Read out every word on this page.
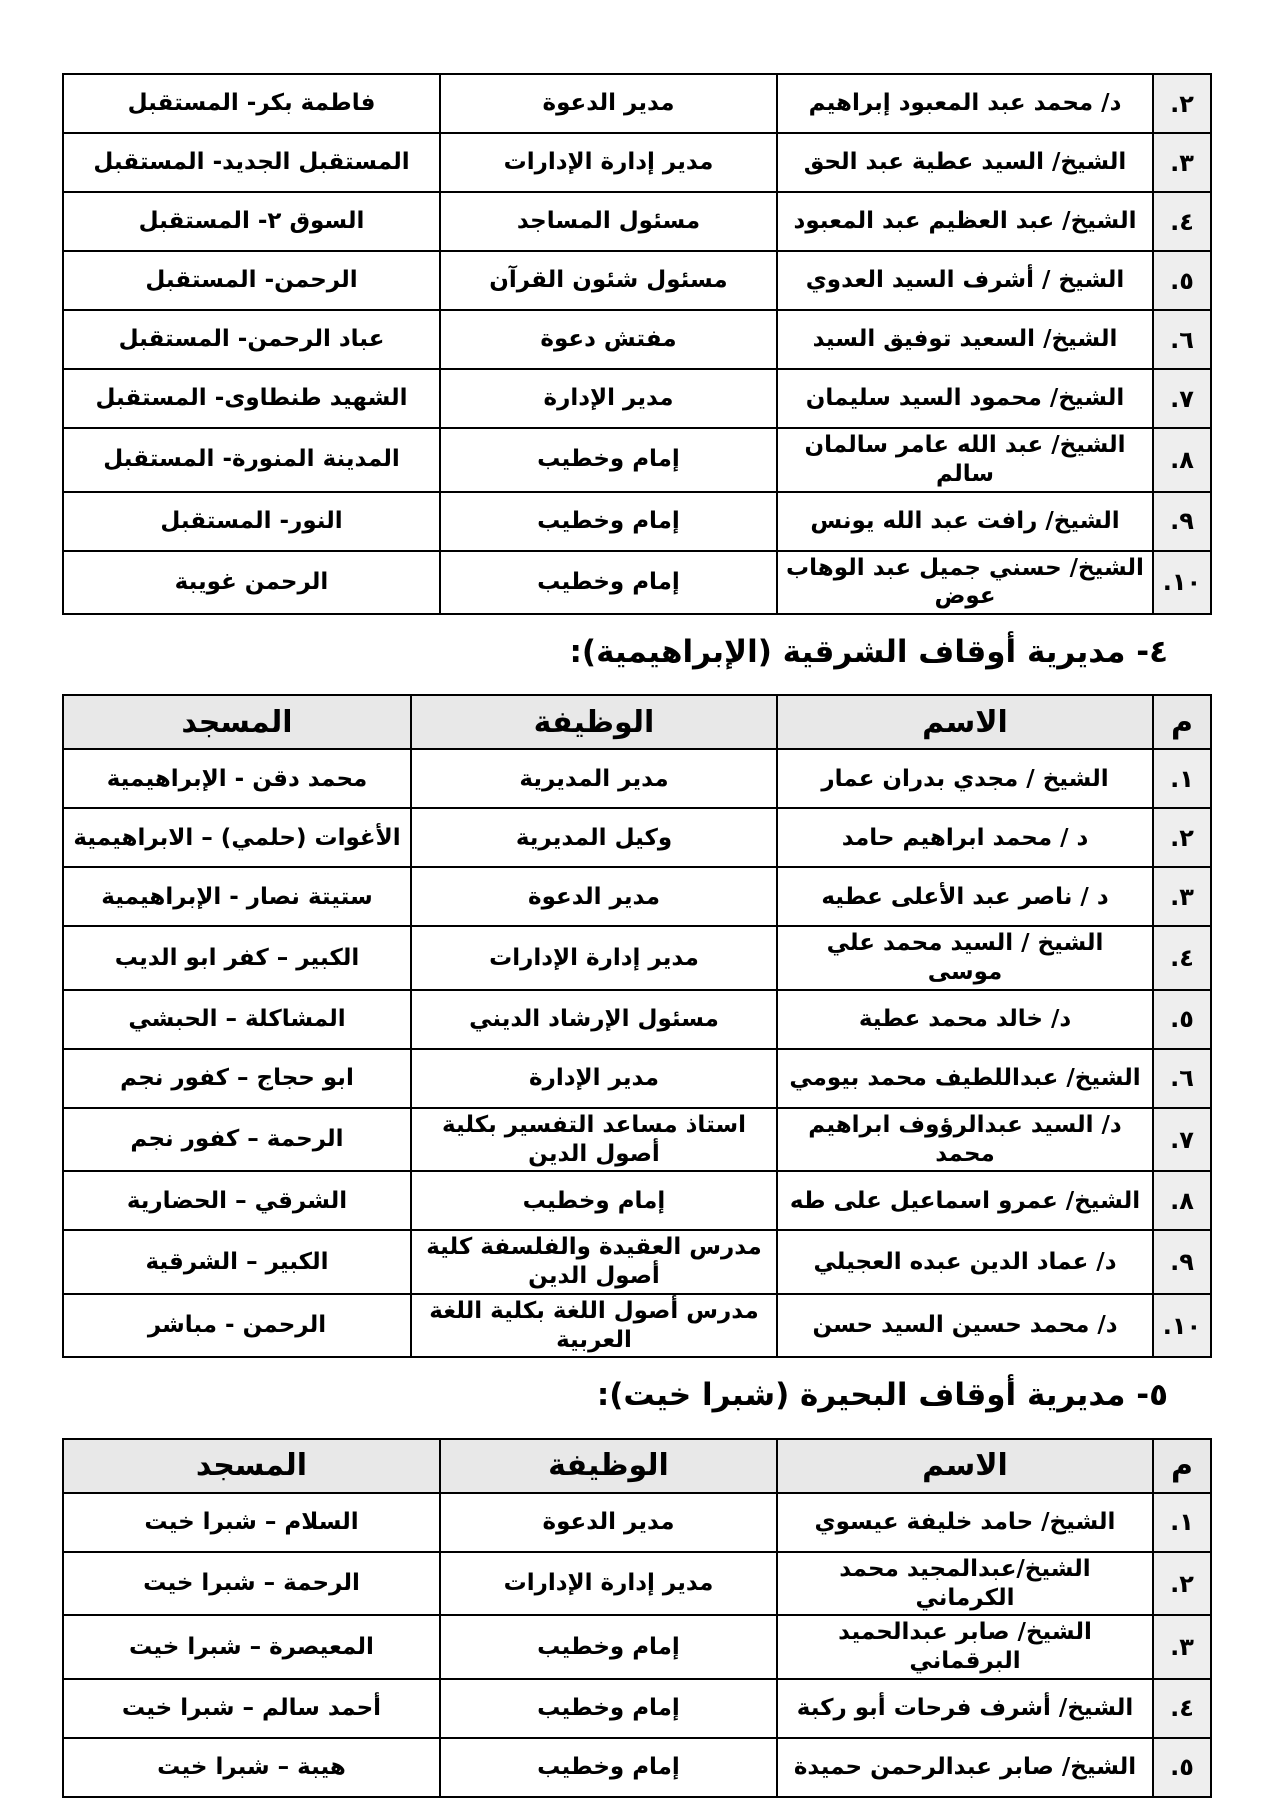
٢.	د/ محمد عبد المعبود إبراهيم	مدير الدعوة	فاطمة بكر- المستقبل
٣.	الشيخ/ السيد عطية عبد الحق	مدير إدارة الإدارات	المستقبل الجديد- المستقبل
٤.	الشيخ/ عبد العظيم عبد المعبود	مسئول المساجد	السوق ٢- المستقبل
٥.	الشيخ / أشرف السيد العدوي	مسئول شئون القرآن	الرحمن- المستقبل
٦.	الشيخ/ السعيد توفيق السيد	مفتش دعوة	عباد الرحمن- المستقبل
٧.	الشيخ/ محمود السيد سليمان	مدير الإدارة	الشهيد طنطاوى- المستقبل
٨.	الشيخ/ عبد الله عامر سالمان سالم	إمام وخطيب	المدينة المنورة- المستقبل
٩.	الشيخ/ رافت عبد الله يونس	إمام وخطيب	النور- المستقبل
١٠.	الشيخ/ حسني جميل عبد الوهاب عوض	إمام وخطيب	الرحمن غويبة
٤- مديرية أوقاف الشرقية (الإبراهيمية):
م	الاسم	الوظيفة	المسجد
١.	الشيخ / مجدي بدران عمار	مدير المديرية	محمد دقن - الإبراهيمية
٢.	د / محمد ابراهيم حامد	وكيل المديرية	الأغوات (حلمي) – الابراهيمية
٣.	د / ناصر عبد الأعلى عطيه	مدير الدعوة	ستيتة نصار - الإبراهيمية
٤.	الشيخ / السيد محمد علي موسى	مدير إدارة الإدارات	الكبير – كفر ابو الديب
٥.	د/ خالد محمد عطية	مسئول الإرشاد الديني	المشاكلة – الحبشي
٦.	الشيخ/ عبداللطيف محمد بيومي	مدير الإدارة	ابو حجاج – كفور نجم
٧.	د/ السيد عبدالرؤوف ابراهيم محمد	استاذ مساعد التفسير بكلية أصول الدين	الرحمة – كفور نجم
٨.	الشيخ/ عمرو اسماعيل على طه	إمام وخطيب	الشرقي – الحضارية
٩.	د/ عماد الدين عبده العجيلي	مدرس العقيدة والفلسفة كلية أصول الدين	الكبير – الشرقية
١٠.	د/ محمد حسين السيد حسن	مدرس أصول اللغة بكلية اللغة العربية	الرحمن - مباشر
٥- مديرية أوقاف البحيرة (شبرا خيت):
م	الاسم	الوظيفة	المسجد
١.	الشيخ/ حامد خليفة عيسوي	مدير الدعوة	السلام – شبرا خيت
٢.	الشيخ/عبدالمجيد محمد الكرماني	مدير إدارة الإدارات	الرحمة – شبرا خيت
٣.	الشيخ/ صابر عبدالحميد البرقماني	إمام وخطيب	المعيصرة – شبرا خيت
٤.	الشيخ/ أشرف فرحات أبو ركبة	إمام وخطيب	أحمد سالم – شبرا خيت
٥.	الشيخ/ صابر عبدالرحمن حميدة	إمام وخطيب	هيبة – شبرا خيت
